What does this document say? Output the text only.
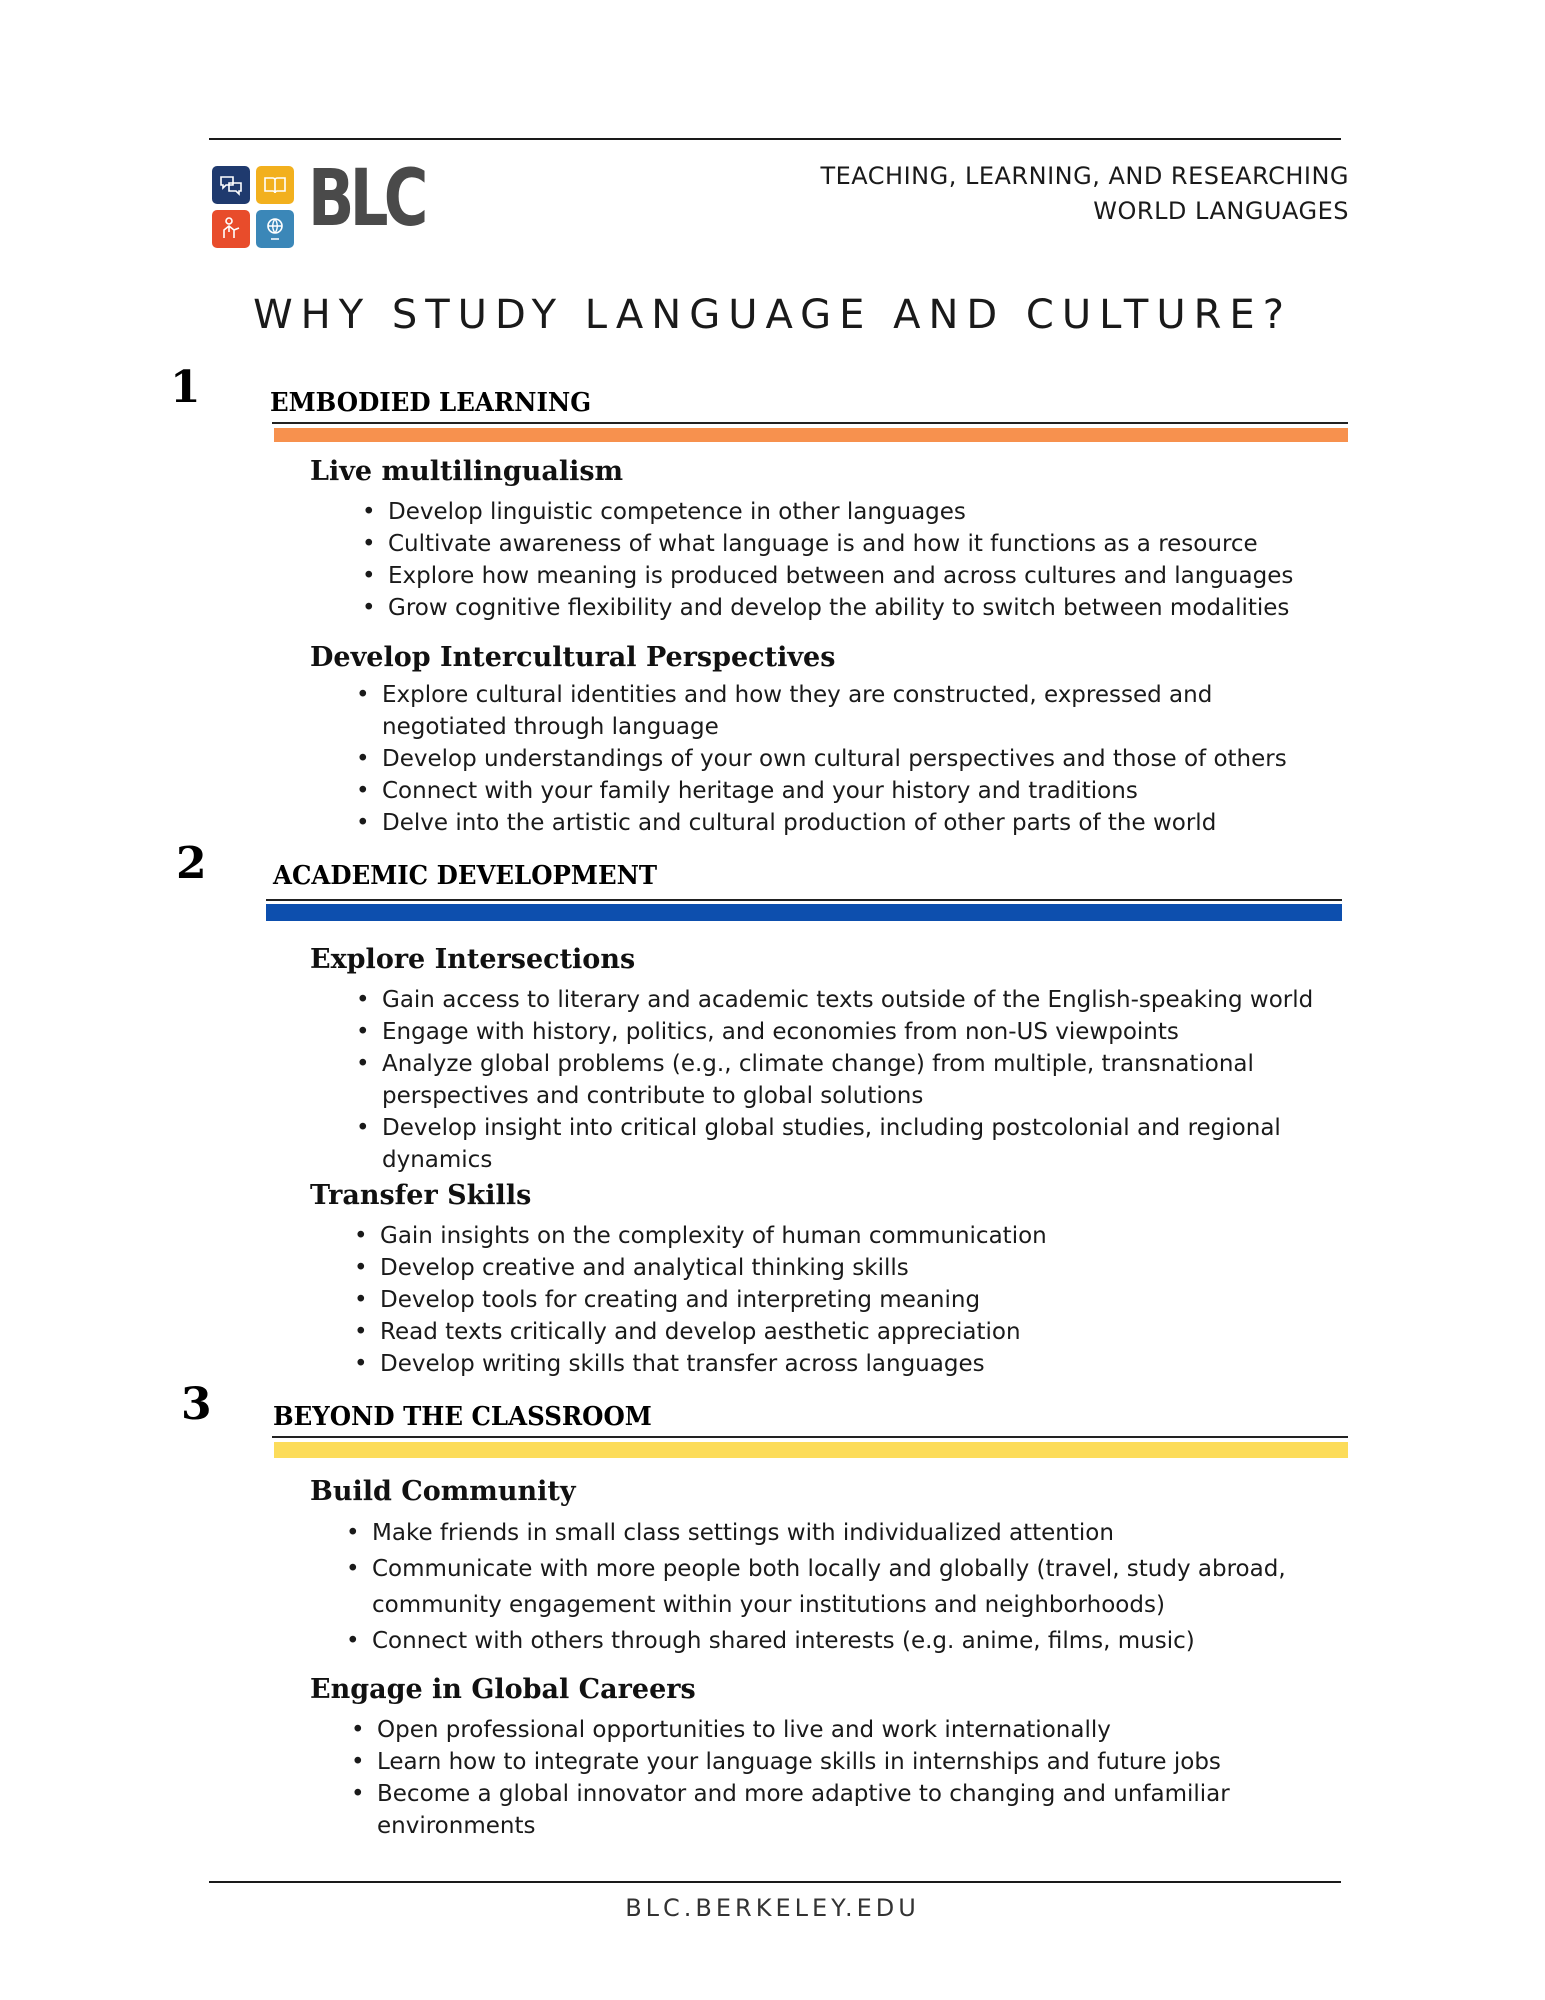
BLC	TEACHING, LEARNING, AND RESEARCHING
WORLD LANGUAGES
WHY STUDY LANGUAGE AND CULTURE?
1	EMBODIED LEARNING
Live multilingualism
• Develop linguistic competence in other languages
• Cultivate awareness of what language is and how it functions as a resource
• Explore how meaning is produced between and across cultures and languages
• Grow cognitive flexibility and develop the ability to switch between modalities
Develop Intercultural Perspectives
• Explore cultural identities and how they are constructed, expressed and negotiated through language
• Develop understandings of your own cultural perspectives and those of others
• Connect with your family heritage and your history and traditions
• Delve into the artistic and cultural production of other parts of the world
2	ACADEMIC DEVELOPMENT
Explore Intersections
• Gain access to literary and academic texts outside of the English-speaking world
• Engage with history, politics, and economies from non-US viewpoints
• Analyze global problems (e.g., climate change) from multiple, transnational perspectives and contribute to global solutions
• Develop insight into critical global studies, including postcolonial and regional dynamics
Transfer Skills
• Gain insights on the complexity of human communication
• Develop creative and analytical thinking skills
• Develop tools for creating and interpreting meaning
• Read texts critically and develop aesthetic appreciation
• Develop writing skills that transfer across languages
3 BEYOND THE CLASSROOM
Build Community
• Make friends in small class settings with individualized attention
• Communicate with more people both locally and globally (travel, study abroad, community engagement within your institutions and neighborhoods)
• Connect with others through shared interests (e.g. anime, films, music)
Engage in Global Careers
• Open professional opportunities to live and work internationally
• Learn how to integrate your language skills in internships and future jobs
• Become a global innovator and more adaptive to changing and unfamiliar environments
BLC.BERKELEY.EDU
